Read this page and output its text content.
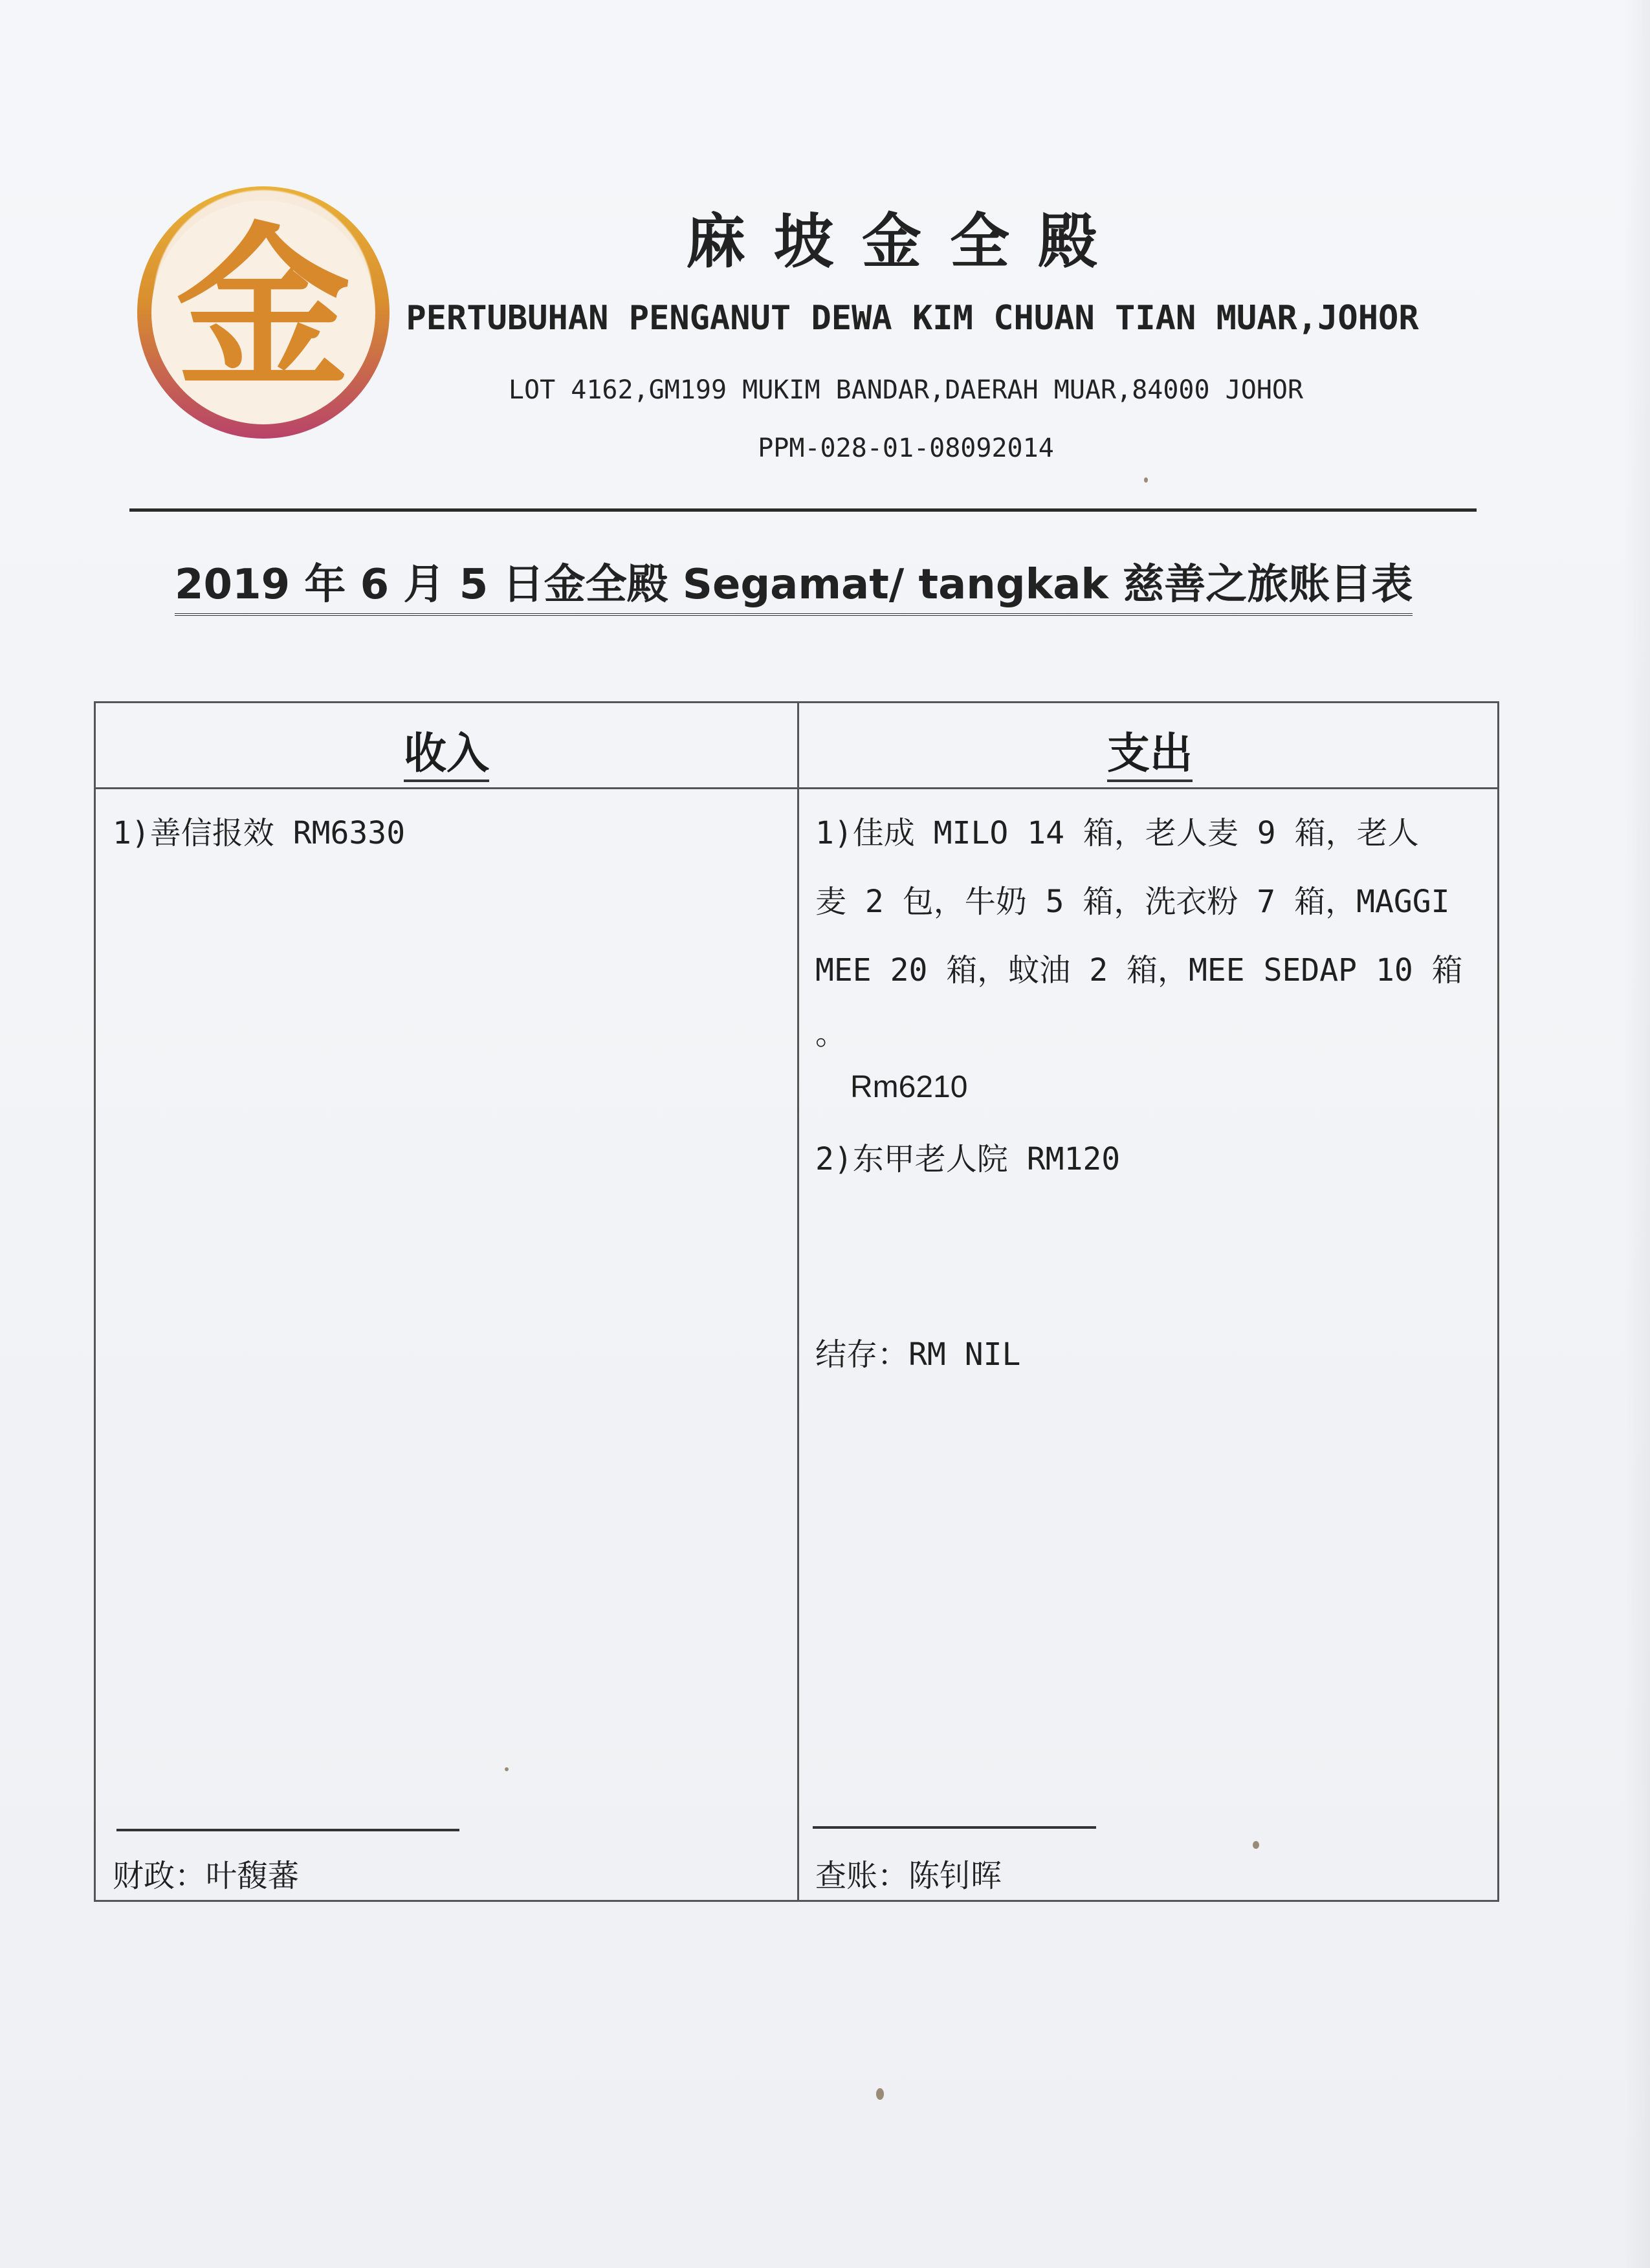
金	麻坡金全殿
PERTUBUHAN PENGANUT DEWA KIM CHUAN TIAN MUAR,JOHOR
LOT 4162,GM199 MUKIM BANDAR,DAERAH MUAR,84000 JOHOR
PPM-028-01-08092014
2019 年 6 月 5 日金全殿 Segamat/ tangkak 慈善之旅账目表
收入	支出
1)善信报效 RM6330	1)佳成 MILO 14 箱，老人麦 9 箱，老人
麦 2 包，牛奶 5 箱，洗衣粉 7 箱，MAGGI
MEE 20 箱，蚊油 2 箱，MEE SEDAP 10 箱
。
Rm6210
2)东甲老人院 RM120
结存：RM NIL
财政：叶馥蕃	查账：陈钊晖
